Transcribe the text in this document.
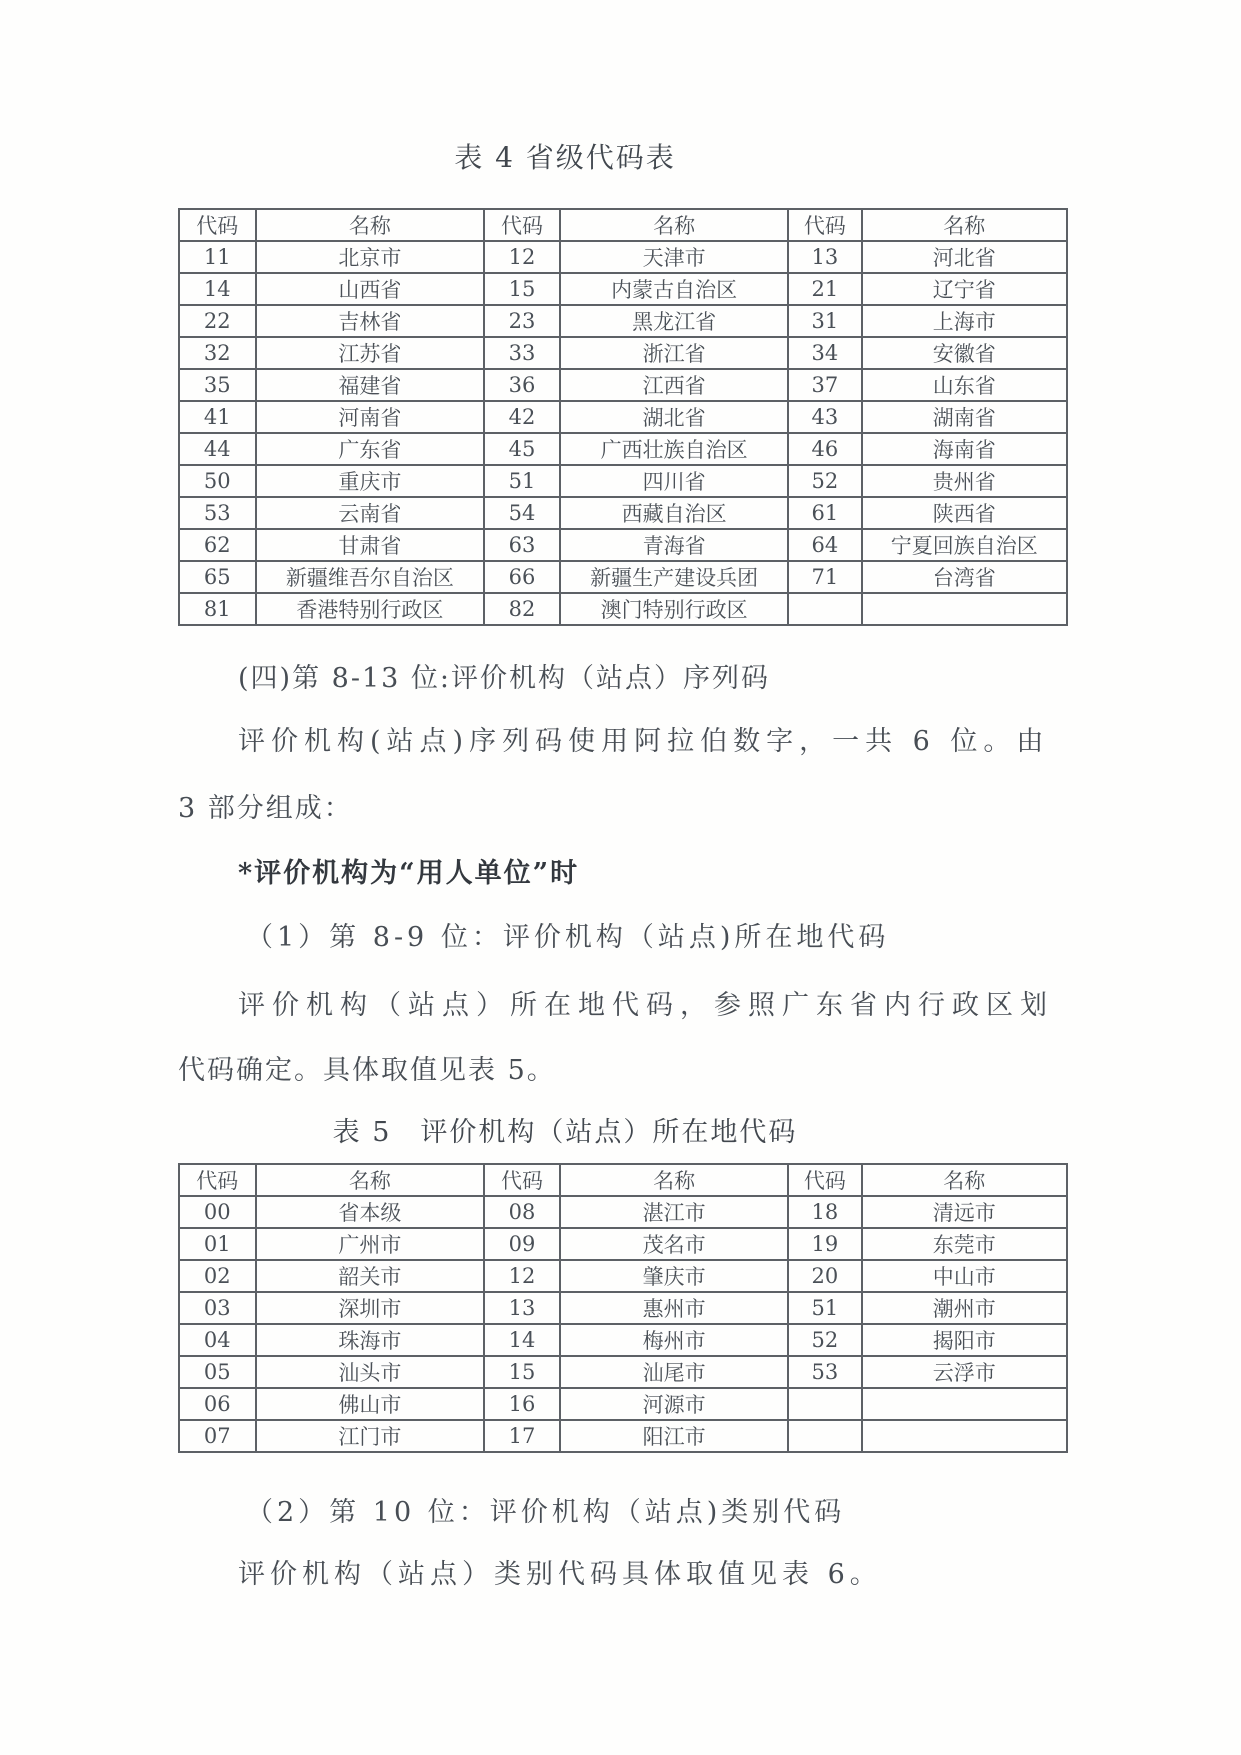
表 4 省级代码表
代码	名称	代码	名称	代码	名称
11	北京市	12	天津市	13	河北省
14	山西省	15	内蒙古自治区	21	辽宁省
22	吉林省	23	黑龙江省	31	上海市
32	江苏省	33	浙江省	34	安徽省
35	福建省	36	江西省	37	山东省
41	河南省	42	湖北省	43	湖南省
44	广东省	45	广西壮族自治区	46	海南省
50	重庆市	51	四川省	52	贵州省
53	云南省	54	西藏自治区	61	陕西省
62	甘肃省	63	青海省	64	宁夏回族自治区
65	新疆维吾尔自治区	66	新疆生产建设兵团	71	台湾省
81	香港特别行政区	82	澳门特别行政区		
(四)第 8-13 位:评价机构（站点）序列码
评价机构(站点)序列码使用阿拉伯数字，一共 6 位。由
3 部分组成：
*评价机构为“用人单位”时
（1）第 8-9 位：评价机构（站点)所在地代码
评价机构（站点）所在地代码，参照广东省内行政区划
代码确定。具体取值见表 5。
表 5　评价机构（站点）所在地代码
代码	名称	代码	名称	代码	名称
00	省本级	08	湛江市	18	清远市
01	广州市	09	茂名市	19	东莞市
02	韶关市	12	肇庆市	20	中山市
03	深圳市	13	惠州市	51	潮州市
04	珠海市	14	梅州市	52	揭阳市
05	汕头市	15	汕尾市	53	云浮市
06	佛山市	16	河源市		
07	江门市	17	阳江市		
（2）第 10 位：评价机构（站点)类别代码
评价机构（站点）类别代码具体取值见表 6。
